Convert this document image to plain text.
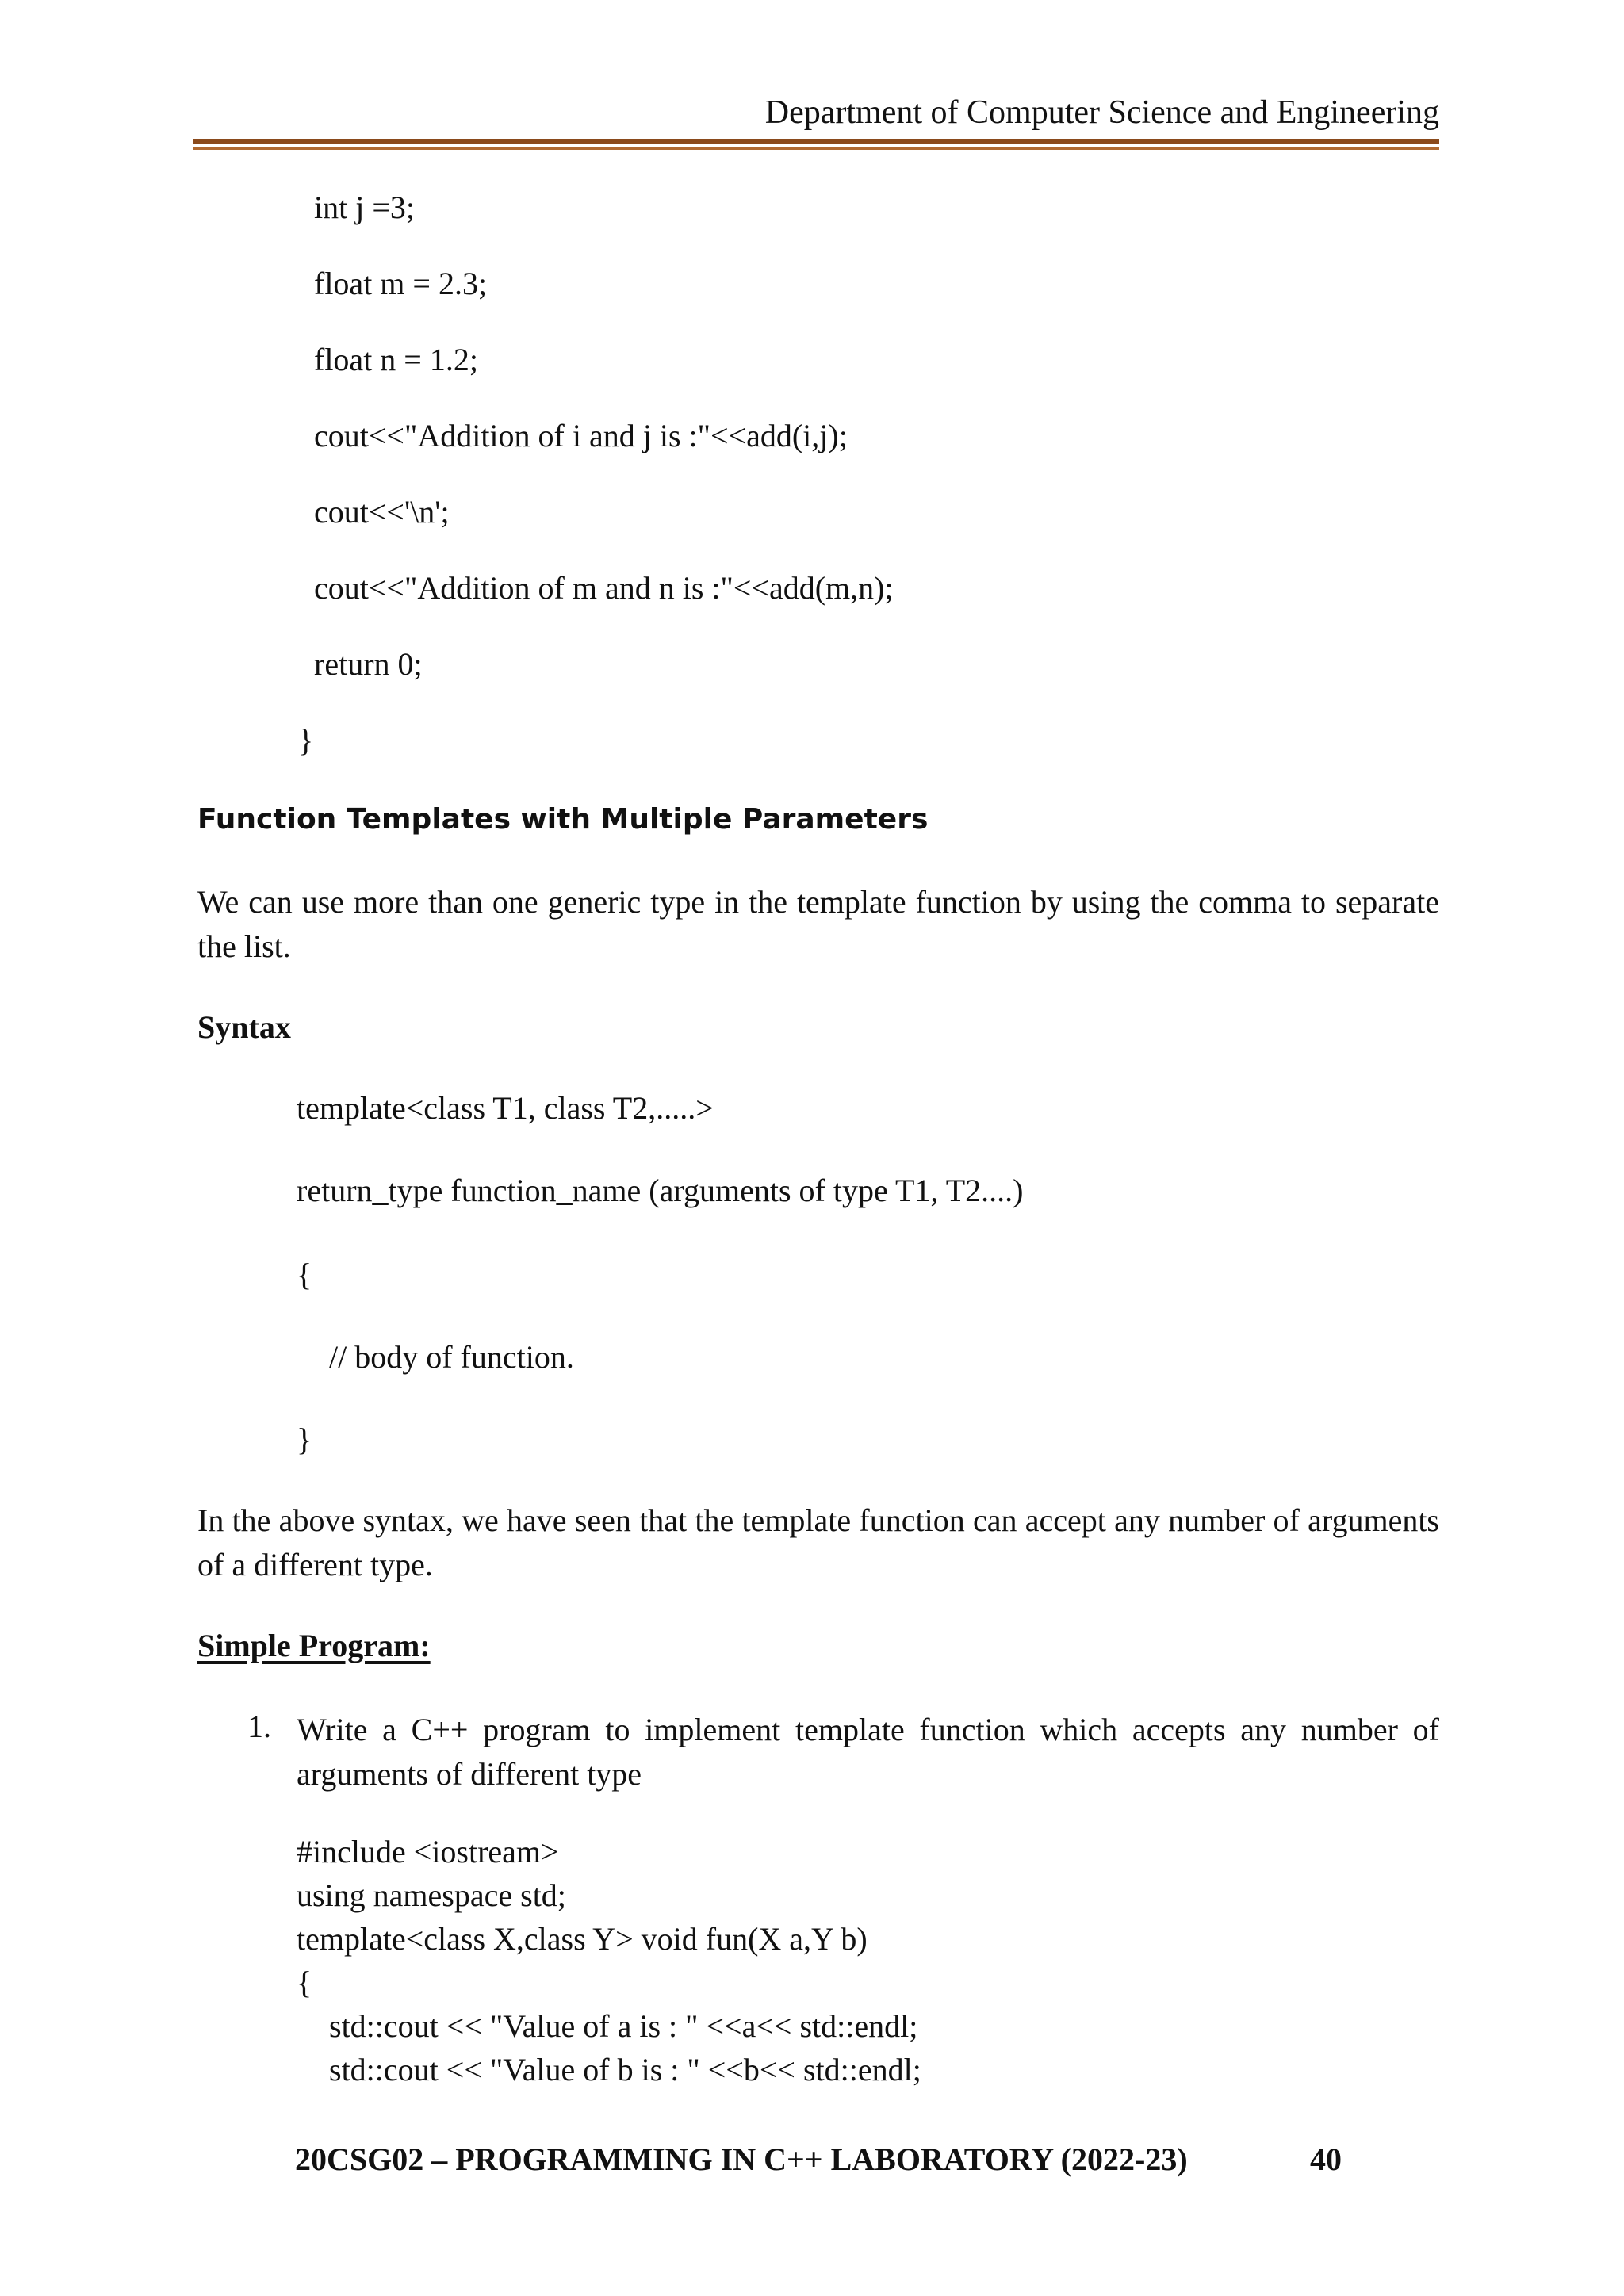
Department of Computer Science and Engineering
int j =3;
float m = 2.3;
float n = 1.2;
cout<<"Addition of i and j is :"<<add(i,j);
cout<<'\n';
cout<<"Addition of m and n is :"<<add(m,n);
return 0;
}
Function Templates with Multiple Parameters
We can use more than one generic type in the template function by using the comma to separate the list.
Syntax
template<class T1, class T2,.....>
return_type function_name (arguments of type T1, T2....)
{
// body of function.
}
In the above syntax, we have seen that the template function can accept any number of arguments of a different type.
Simple Program:
1. Write a C++ program to implement template function which accepts any number of arguments of different type
#include <iostream>
using namespace std;
template<class X,class Y> void fun(X a,Y b)
{
std::cout << "Value of a is : " <<a<< std::endl;
std::cout << "Value of b is : " <<b<< std::endl;
20CSG02 – PROGRAMMING IN C++ LABORATORY (2022-23)	40
